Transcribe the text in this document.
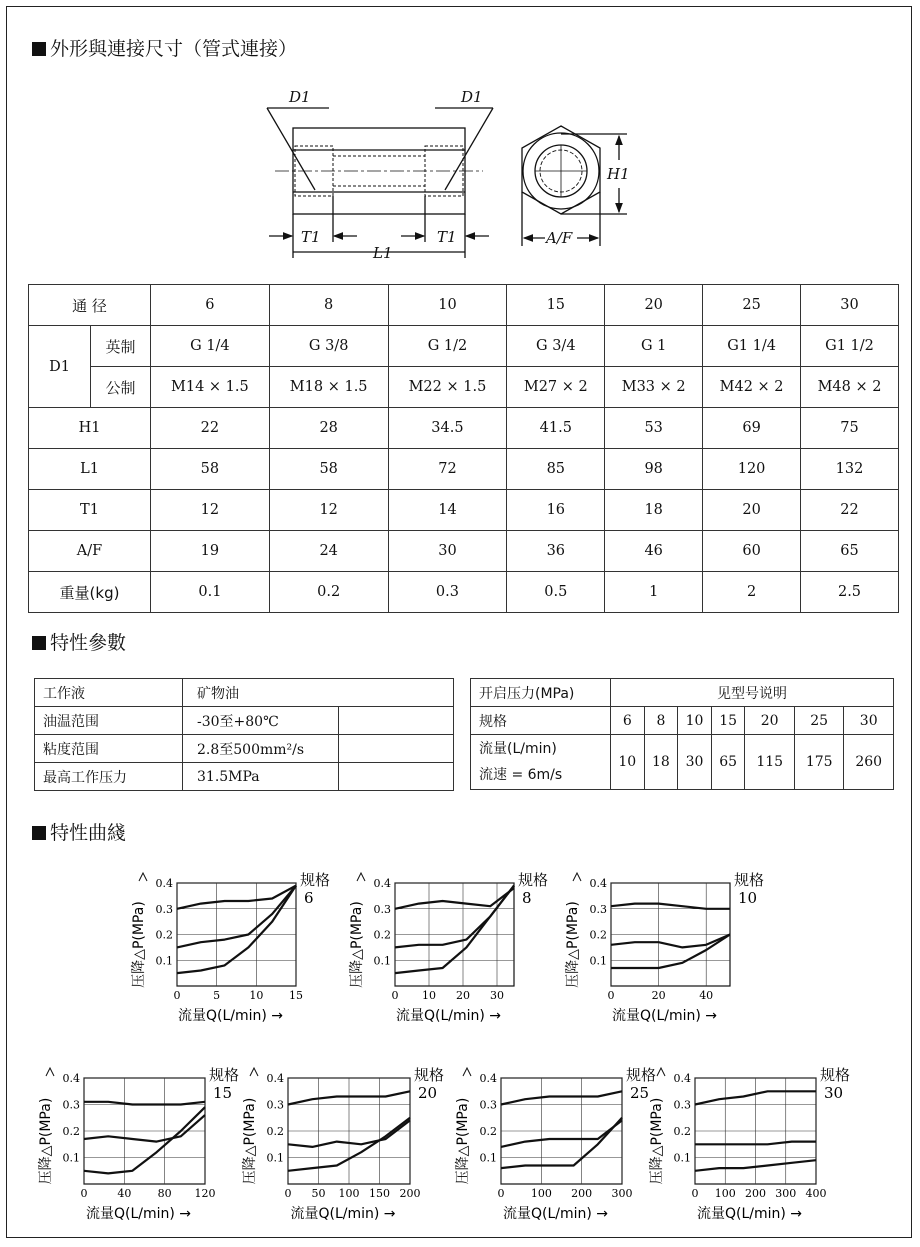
外形與連接尺寸（管式連接）
D1	D1
H1
T1
L1
T1	A/F
通 径		6	8	10	15	20	25	30
D1	英制	G 1/4	G 3/8	G 1/2	G 3/4	G 1	G1 1/4	G1 1/2
	公制	M14 × 1.5	M18 × 1.5	M22 × 1.5	M27 × 2	M33 × 2	M42 × 2	M48 × 2
H1		22	28	34.5	41.5	53	69	75
L1		58	58	72	85	98	120	132
T1		12	12	14	16	18	20	22
A/F		19	24	30	36	46	60	65
重量(kg)		0.1	0.2	0.3	0.5	1	2	2.5
特性參數
工作液	矿物油	
油温范围	-30至+80℃	
粘度范围	2.8至500mm²/s	
最高工作压力	31.5MPa	
开启压力(MPa)	见型号说明						
规格	6	8	10	15	20	25	30
流量(L/min)
流速 = 6m/s	10	18	30	65	115	175	260
特性曲綫
0.1
0.2
0.3
0.4
0	5	10 15
压降△P(MPa)
流量Q(L/min) →
规格
6
0.1
0.2
0.3
0.4
0 10 20 30
压降△P(MPa)
流量Q(L/min) →
规格
8
0.1
0.2
0.3
0.4
0	20	40
压降△P(MPa)
流量Q(L/min) →
规格
10
0.1
0.2
0.3
0.4
0	40 80 120
压降△P(MPa)
流量Q(L/min) →
规格
15
0.1
0.2
0.3
0.4
0 50 100 150 200
压降△P(MPa)
流量Q(L/min) →
规格
20
0.1
0.2
0.3
0.4
0 100 200 300
压降△P(MPa)
流量Q(L/min) →
规格
25
0.1
0.2
0.3
0.4
0 100 200 300 400
压降△P(MPa)
流量Q(L/min) →
规格
30
